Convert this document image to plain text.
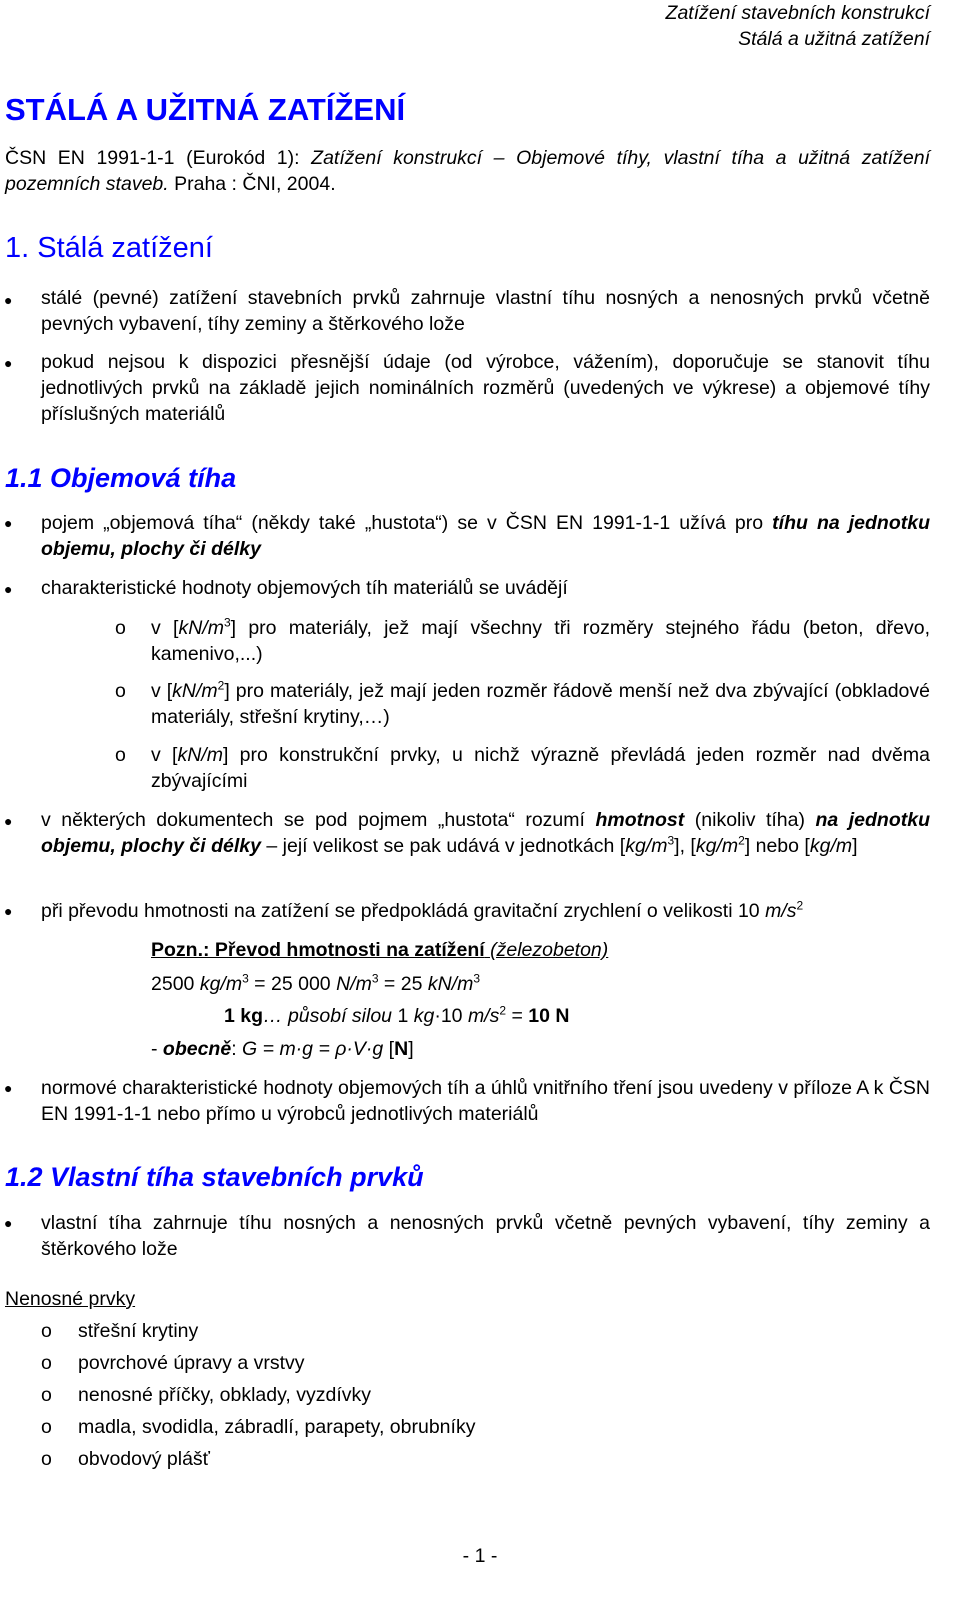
Zatížení stavebních konstrukcí
Stálá a užitná zatížení
STÁLÁ A UŽITNÁ ZATÍŽENÍ
ČSN EN 1991-1-1 (Eurokód 1): Zatížení konstrukcí – Objemové tíhy, vlastní tíha a užitná zatížení pozemních staveb. Praha : ČNI, 2004.
1. Stálá zatížení
● stálé (pevné) zatížení stavebních prvků zahrnuje vlastní tíhu nosných a nenosných prvků včetně pevných vybavení, tíhy zeminy a štěrkového lože
● pokud nejsou k dispozici přesnější údaje (od výrobce, vážením), doporučuje se stanovit tíhu jednotlivých prvků na základě jejich nominálních rozměrů (uvedených ve výkrese) a objemové tíhy příslušných materiálů
1.1 Objemová tíha
● pojem „objemová tíha“ (někdy také „hustota“) se v ČSN EN 1991-1-1 užívá pro tíhu na jednotku objemu, plochy či délky
● charakteristické hodnoty objemových tíh materiálů se uvádějí
o v $[kN/m^3]$ pro materiály, jež mají všechny tři rozměry stejného řádu (beton, dřevo, kamenivo,...)
o v $[kN/m^2]$ pro materiály, jež mají jeden rozměr řádově menší než dva zbývající (obkladové materiály, střešní krytiny,…)
o v [kN/m] pro konstrukční prvky, u nichž výrazně převládá jeden rozměr nad dvěma zbývajícími
● v některých dokumentech se pod pojmem „hustota“ rozumí hmotnost (nikoliv tíha) na jednotku objemu, plochy či délky – její velikost se pak udává v jednotkách $[kg/m^3]$, $[kg/m^2]$ nebo [kg/m]
● při převodu hmotnosti na zatížení se předpokládá gravitační zrychlení o velikosti 10 $m/s^2$
Pozn.: Převod hmotnosti na zatížení (železobeton)
2500 $kg/m^3 = 25$ 000 $N/m^3 = 25$ $kN/m^3$
1 kg… působí silou 1 kg·10 $m/s^2 = 10$ N
- obecně: G = m·g = ρ·V·g [N]
● normové charakteristické hodnoty objemových tíh a úhlů vnitřního tření jsou uvedeny v příloze A k ČSN EN 1991-1-1 nebo přímo u výrobců jednotlivých materiálů
1.2 Vlastní tíha stavebních prvků
● vlastní tíha zahrnuje tíhu nosných a nenosných prvků včetně pevných vybavení, tíhy zeminy a štěrkového lože
Nenosné prvky
o střešní krytiny
o povrchové úpravy a vrstvy
o nenosné příčky, obklady, vyzdívky
o madla, svodidla, zábradlí, parapety, obrubníky
o obvodový plášť
- 1 -
